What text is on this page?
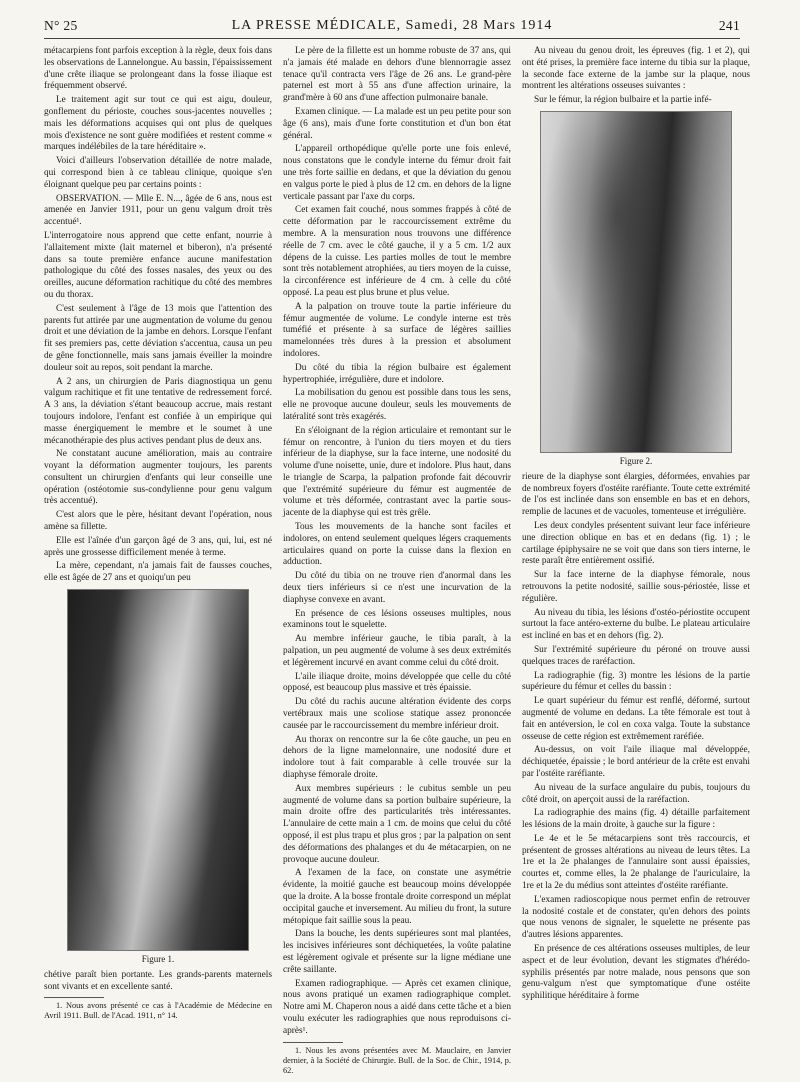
N° 25	LA PRESSE MÉDICALE, Samedi, 28 Mars 1914	241

métacarpiens font parfois exception à la règle, deux fois dans les observations de Lannelongue. Au bassin, l'épaississement d'une crête iliaque se prolongeant dans la fosse iliaque est fréquemment observé.

Le traitement agit sur tout ce qui est aigu, douleur, gonflement du périoste, couches sous-jacentes nouvelles ; mais les déformations acquises qui ont plus de quelques mois d'existence ne sont guère modifiées et restent comme « marques indélébiles de la tare héréditaire ».

Voici d'ailleurs l'observation détaillée de notre malade, qui correspond bien à ce tableau clinique, quoique s'en éloignant quelque peu par certains points :

OBSERVATION. — Mlle E. N..., âgée de 6 ans, nous est amenée en Janvier 1911, pour un genu valgum droit très accentué¹.

L'interrogatoire nous apprend que cette enfant, nourrie à l'allaitement mixte (lait maternel et biberon), n'a présenté dans sa toute première enfance aucune manifestation pathologique du côté des fosses nasales, des yeux ou des oreilles, aucune déformation rachitique du côté des membres ou du thorax.

C'est seulement à l'âge de 13 mois que l'attention des parents fut attirée par une augmentation de volume du genou droit et une déviation de la jambe en dehors. Lorsque l'enfant fit ses premiers pas, cette déviation s'accentua, causa un peu de gêne fonctionnelle, mais sans jamais éveiller la moindre douleur soit au repos, soit pendant la marche.

A 2 ans, un chirurgien de Paris diagnostiqua un genu valgum rachitique et fit une tentative de redressement forcé. A 3 ans, la déviation s'étant beaucoup accrue, mais restant toujours indolore, l'enfant est confiée à un empirique qui masse énergiquement le membre et le soumet à une mécanothérapie des plus actives pendant plus de deux ans.

Ne constatant aucune amélioration, mais au contraire voyant la déformation augmenter toujours, les parents consultent un chirurgien d'enfants qui leur conseille une opération (ostéotomie sus-condylienne pour genu valgum très accentué).

C'est alors que le père, hésitant devant l'opération, nous amène sa fillette.

Elle est l'aînée d'un garçon âgé de 3 ans, qui, lui, est né après une grossesse difficilement menée à terme.

La mère, cependant, n'a jamais fait de fausses couches, elle est âgée de 27 ans et quoiqu'un peu

Figure 1.

chétive paraît bien portante. Les grands-parents maternels sont vivants et en excellente santé.

1. Nous avons présenté ce cas à l'Académie de Médecine en Avril 1911. Bull. de l'Acad. 1911, n° 14.

Le père de la fillette est un homme robuste de 37 ans, qui n'a jamais été malade en dehors d'une blennorragie assez tenace qu'il contracta vers l'âge de 26 ans. Le grand-père paternel est mort à 55 ans d'une affection urinaire, la grand'mère à 60 ans d'une affection pulmonaire banale.

Examen clinique. — La malade est un peu petite pour son âge (6 ans), mais d'une forte constitution et d'un bon état général.

L'appareil orthopédique qu'elle porte une fois enlevé, nous constatons que le condyle interne du fémur droit fait une très forte saillie en dedans, et que la déviation du genou en valgus porte le pied à plus de 12 cm. en dehors de la ligne verticale passant par l'axe du corps.

Cet examen fait couché, nous sommes frappés à côté de cette déformation par le raccourcissement extrême du membre. A la mensuration nous trouvons une différence réelle de 7 cm. avec le côté gauche, il y a 5 cm. 1/2 aux dépens de la cuisse. Les parties molles de tout le membre sont très notablement atrophiées, au tiers moyen de la cuisse, la circonférence est inférieure de 4 cm. à celle du côté opposé. La peau est plus brune et plus velue.

A la palpation on trouve toute la partie inférieure du fémur augmentée de volume. Le condyle interne est très tuméfié et présente à sa surface de légères saillies mamelonnées très dures à la pression et absolument indolores.

Du côté du tibia la région bulbaire est également hypertrophiée, irrégulière, dure et indolore.

La mobilisation du genou est possible dans tous les sens, elle ne provoque aucune douleur, seuls les mouvements de latéralité sont très exagérés.

En s'éloignant de la région articulaire et remontant sur le fémur on rencontre, à l'union du tiers moyen et du tiers inférieur de la diaphyse, sur la face interne, une nodosité du volume d'une noisette, unie, dure et indolore. Plus haut, dans le triangle de Scarpa, la palpation profonde fait découvrir que l'extrémité supérieure du fémur est augmentée de volume et très déformée, contrastant avec la partie sous-jacente de la diaphyse qui est très grêle.

Tous les mouvements de la hanche sont faciles et indolores, on entend seulement quelques légers craquements articulaires quand on porte la cuisse dans la flexion en adduction.

Du côté du tibia on ne trouve rien d'anormal dans les deux tiers inférieurs si ce n'est une incurvation de la diaphyse convexe en avant.

En présence de ces lésions osseuses multiples, nous examinons tout le squelette.

Au membre inférieur gauche, le tibia paraît, à la palpation, un peu augmenté de volume à ses deux extrémités et légèrement incurvé en avant comme celui du côté droit.

L'aile iliaque droite, moins développée que celle du côté opposé, est beaucoup plus massive et très épaissie.

Du côté du rachis aucune altération évidente des corps vertébraux mais une scoliose statique assez prononcée causée par le raccourcissement du membre inférieur droit.

Au thorax on rencontre sur la 6e côte gauche, un peu en dehors de la ligne mamelonnaire, une nodosité dure et indolore tout à fait comparable à celle trouvée sur la diaphyse fémorale droite.

Aux membres supérieurs : le cubitus semble un peu augmenté de volume dans sa portion bulbaire supérieure, la main droite offre des particularités très intéressantes. L'annulaire de cette main a 1 cm. de moins que celui du côté opposé, il est plus trapu et plus gros ; par la palpation on sent des déformations des phalanges et du 4e métacarpien, on ne provoque aucune douleur.

A l'examen de la face, on constate une asymétrie évidente, la moitié gauche est beaucoup moins développée que la droite. A la bosse frontale droite correspond un méplat occipital gauche et inversement. Au milieu du front, la suture métopique fait saillie sous la peau.

Dans la bouche, les dents supérieures sont mal plantées, les incisives inférieures sont déchiquetées, la voûte palatine est légèrement ogivale et présente sur la ligne médiane une crête saillante.

Examen radiographique. — Après cet examen clinique, nous avons pratiqué un examen radiographique complet. Notre ami M. Chaperon nous a aidé dans cette tâche et a bien voulu exécuter les radiographies que nous reproduisons ci-après¹.

1. Nous les avons présentées avec M. Mauclaire, en Janvier dernier, à la Société de Chirurgie. Bull. de la Soc. de Chir., 1914, p. 62.

Au niveau du genou droit, les épreuves (fig. 1 et 2), qui ont été prises, la première face interne du tibia sur la plaque, la seconde face externe de la jambe sur la plaque, nous montrent les altérations osseuses suivantes :

Sur le fémur, la région bulbaire et la partie infé-

Figure 2.

rieure de la diaphyse sont élargies, déformées, envahies par de nombreux foyers d'ostéite raréfiante. Toute cette extrémité de l'os est inclinée dans son ensemble en bas et en dehors, remplie de lacunes et de vacuoles, tomenteuse et irrégulière.

Les deux condyles présentent suivant leur face inférieure une direction oblique en bas et en dedans (fig. 1) ; le cartilage épiphysaire ne se voit que dans son tiers interne, le reste paraît être entièrement ossifié.

Sur la face interne de la diaphyse fémorale, nous retrouvons la petite nodosité, saillie sous-périostée, lisse et régulière.

Au niveau du tibia, les lésions d'ostéo-périostite occupent surtout la face antéro-externe du bulbe. Le plateau articulaire est incliné en bas et en dehors (fig. 2).

Sur l'extrémité supérieure du péroné on trouve aussi quelques traces de raréfaction.

La radiographie (fig. 3) montre les lésions de la partie supérieure du fémur et celles du bassin :

Le quart supérieur du fémur est renflé, déformé, surtout augmenté de volume en dedans. La tête fémorale est tout à fait en antéversion, le col en coxa valga. Toute la substance osseuse de cette région est extrêmement raréfiée.

Au-dessus, on voit l'aile iliaque mal développée, déchiquetée, épaissie ; le bord antérieur de la crête est envahi par l'ostéite raréfiante.

Au niveau de la surface angulaire du pubis, toujours du côté droit, on aperçoit aussi de la raréfaction.

La radiographie des mains (fig. 4) détaille parfaitement les lésions de la main droite, à gauche sur la figure :

Le 4e et le 5e métacarpiens sont très raccourcis, et présentent de grosses altérations au niveau de leurs têtes. La 1re et la 2e phalanges de l'annulaire sont aussi épaissies, courtes et, comme elles, la 2e phalange de l'auriculaire, la 1re et la 2e du médius sont atteintes d'ostéite raréfiante.

L'examen radioscopique nous permet enfin de retrouver la nodosité costale et de constater, qu'en dehors des points que nous venons de signaler, le squelette ne présente pas d'autres lésions apparentes.

En présence de ces altérations osseuses multiples, de leur aspect et de leur évolution, devant les stigmates d'hérédo-syphilis présentés par notre malade, nous pensons que son genu-valgum n'est que symptomatique d'une ostéite syphilitique héréditaire à forme
